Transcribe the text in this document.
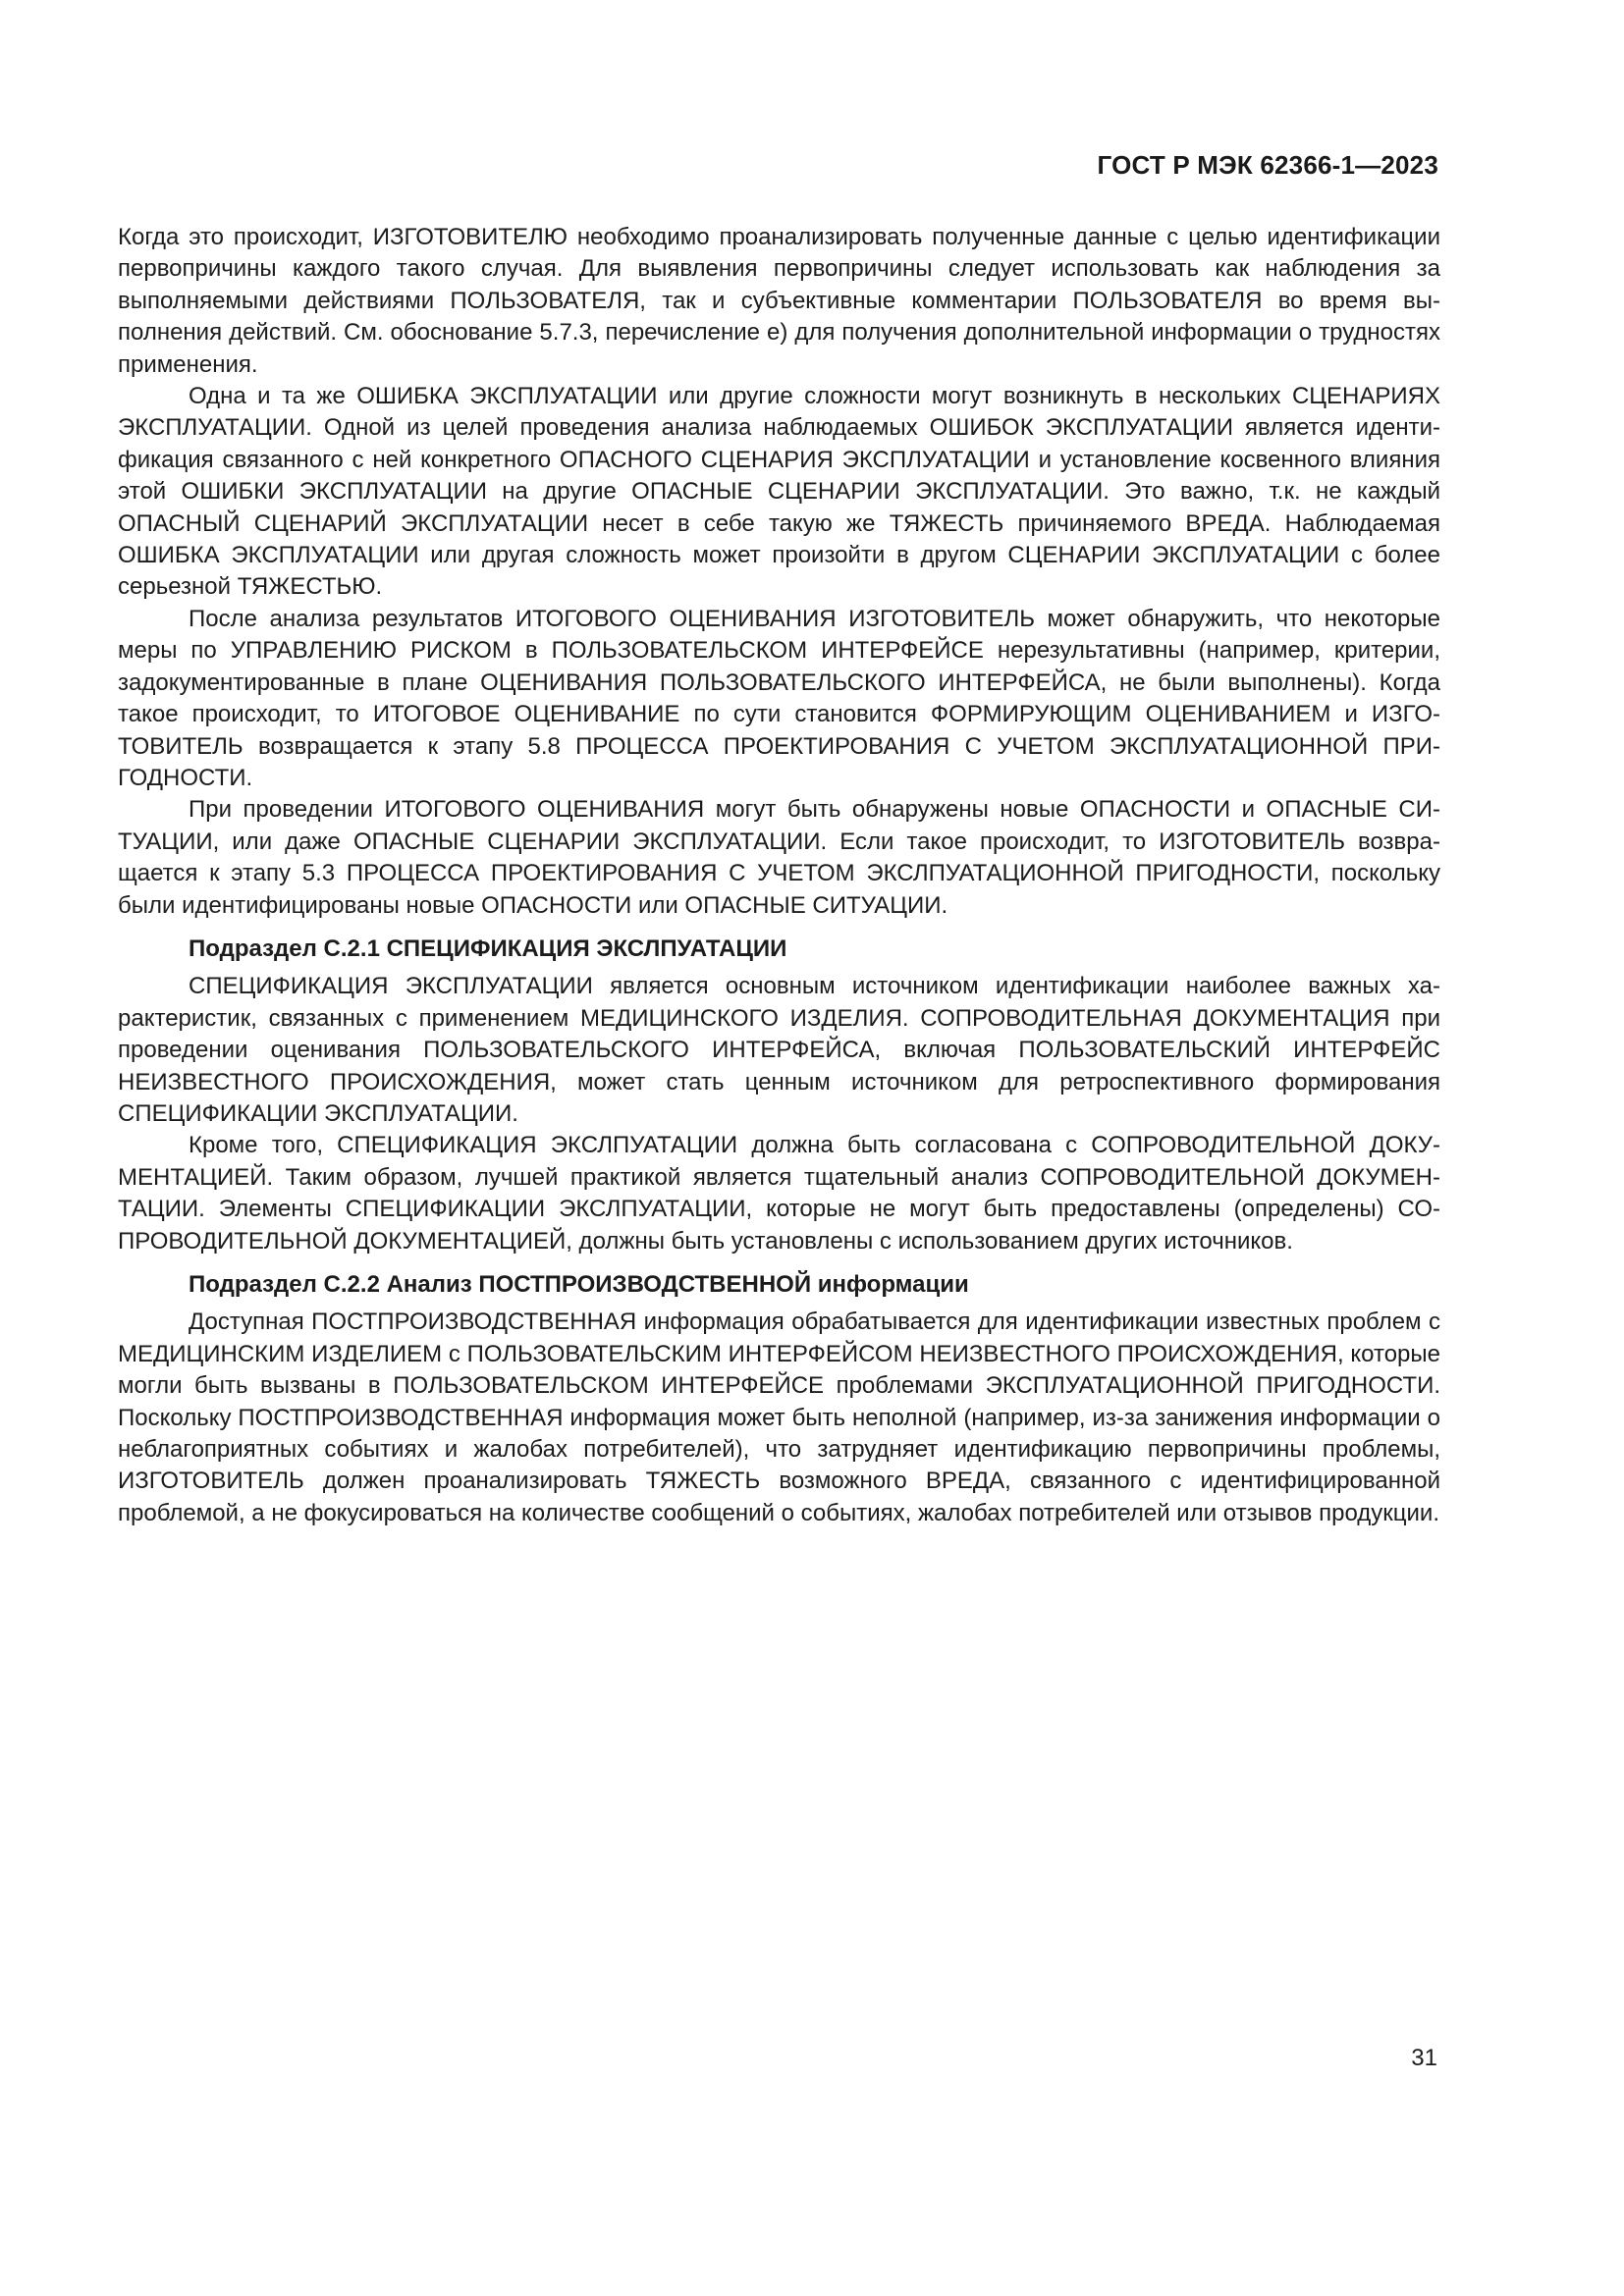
ГОСТ Р МЭК 62366-1—2023

Когда это происходит, ИЗГОТОВИТЕЛЮ необходимо проанализировать полученные данные с целью идентификации первопричины каждого такого случая. Для выявления первопричины следует использовать как наблюдения за выполняемыми действиями ПОЛЬЗОВАТЕЛЯ, так и субъективные комментарии ПОЛЬЗОВАТЕЛЯ во время выполнения действий. См. обоснование 5.7.3, перечисление е) для получения дополнительной информации о трудностях применения.

Одна и та же ОШИБКА ЭКСПЛУАТАЦИИ или другие сложности могут возникнуть в нескольких СЦЕНАРИЯХ ЭКСПЛУАТАЦИИ. Одной из целей проведения анализа наблюдаемых ОШИБОК ЭКСПЛУАТАЦИИ является идентификация связанного с ней конкретного ОПАСНОГО СЦЕНАРИЯ ЭКСПЛУАТАЦИИ и установление косвенного влияния этой ОШИБКИ ЭКСПЛУАТАЦИИ на другие ОПАСНЫЕ СЦЕНАРИИ ЭКСПЛУАТАЦИИ. Это важно, т.к. не каждый ОПАСНЫЙ СЦЕНАРИЙ ЭКСПЛУАТАЦИИ несет в себе такую же ТЯЖЕСТЬ причиняемого ВРЕДА. Наблюдаемая ОШИБКА ЭКСПЛУАТАЦИИ или другая сложность может произойти в другом СЦЕНАРИИ ЭКСПЛУАТАЦИИ с более серьезной ТЯЖЕСТЬЮ.

После анализа результатов ИТОГОВОГО ОЦЕНИВАНИЯ ИЗГОТОВИТЕЛЬ может обнаружить, что некоторые меры по УПРАВЛЕНИЮ РИСКОМ в ПОЛЬЗОВАТЕЛЬСКОМ ИНТЕРФЕЙСЕ нерезультативны (например, критерии, задокументированные в плане ОЦЕНИВАНИЯ ПОЛЬЗОВАТЕЛЬСКОГО ИНТЕРФЕЙСА, не были выполнены). Когда такое происходит, то ИТОГОВОЕ ОЦЕНИВАНИЕ по сути становится ФОРМИРУЮЩИМ ОЦЕНИВАНИЕМ и ИЗГОТОВИТЕЛЬ возвращается к этапу 5.8 ПРОЦЕССА ПРОЕКТИРОВАНИЯ С УЧЕТОМ ЭКСПЛУАТАЦИОННОЙ ПРИГОДНОСТИ.

При проведении ИТОГОВОГО ОЦЕНИВАНИЯ могут быть обнаружены новые ОПАСНОСТИ и ОПАСНЫЕ СИТУАЦИИ, или даже ОПАСНЫЕ СЦЕНАРИИ ЭКСПЛУАТАЦИИ. Если такое происходит, то ИЗГОТОВИТЕЛЬ возвращается к этапу 5.3 ПРОЦЕССА ПРОЕКТИРОВАНИЯ С УЧЕТОМ ЭКСЛПУАТАЦИОННОЙ ПРИГОДНОСТИ, поскольку были идентифицированы новые ОПАСНОСТИ или ОПАСНЫЕ СИТУАЦИИ.

Подраздел С.2.1 СПЕЦИФИКАЦИЯ ЭКСЛПУАТАЦИИ

СПЕЦИФИКАЦИЯ ЭКСПЛУАТАЦИИ является основным источником идентификации наиболее важных характеристик, связанных с применением МЕДИЦИНСКОГО ИЗДЕЛИЯ. СОПРОВОДИТЕЛЬНАЯ ДОКУМЕНТАЦИЯ при проведении оценивания ПОЛЬЗОВАТЕЛЬСКОГО ИНТЕРФЕЙСА, включая ПОЛЬЗОВАТЕЛЬСКИЙ ИНТЕРФЕЙС НЕИЗВЕСТНОГО ПРОИСХОЖДЕНИЯ, может стать ценным источником для ретроспективного формирования СПЕЦИФИКАЦИИ ЭКСПЛУАТАЦИИ.

Кроме того, СПЕЦИФИКАЦИЯ ЭКСЛПУАТАЦИИ должна быть согласована с СОПРОВОДИТЕЛЬНОЙ ДОКУМЕНТАЦИЕЙ. Таким образом, лучшей практикой является тщательный анализ СОПРОВОДИТЕЛЬНОЙ ДОКУМЕНТАЦИИ. Элементы СПЕЦИФИКАЦИИ ЭКСЛПУАТАЦИИ, которые не могут быть предоставлены (определены) СОПРОВОДИТЕЛЬНОЙ ДОКУМЕНТАЦИЕЙ, должны быть установлены с использованием других источников.

Подраздел С.2.2 Анализ ПОСТПРОИЗВОДСТВЕННОЙ информации

Доступная ПОСТПРОИЗВОДСТВЕННАЯ информация обрабатывается для идентификации известных проблем с МЕДИЦИНСКИМ ИЗДЕЛИЕМ с ПОЛЬЗОВАТЕЛЬСКИМ ИНТЕРФЕЙСОМ НЕИЗВЕСТНОГО ПРОИСХОЖДЕНИЯ, которые могли быть вызваны в ПОЛЬЗОВАТЕЛЬСКОМ ИНТЕРФЕЙСЕ проблемами ЭКСПЛУАТАЦИОННОЙ ПРИГОДНОСТИ. Поскольку ПОСТПРОИЗВОДСТВЕННАЯ информация может быть неполной (например, из-за занижения информации о неблагоприятных событиях и жалобах потребителей), что затрудняет идентификацию первопричины проблемы, ИЗГОТОВИТЕЛЬ должен проанализировать ТЯЖЕСТЬ возможного ВРЕДА, связанного с идентифицированной проблемой, а не фокусироваться на количестве сообщений о событиях, жалобах потребителей или отзывов продукции.

31
